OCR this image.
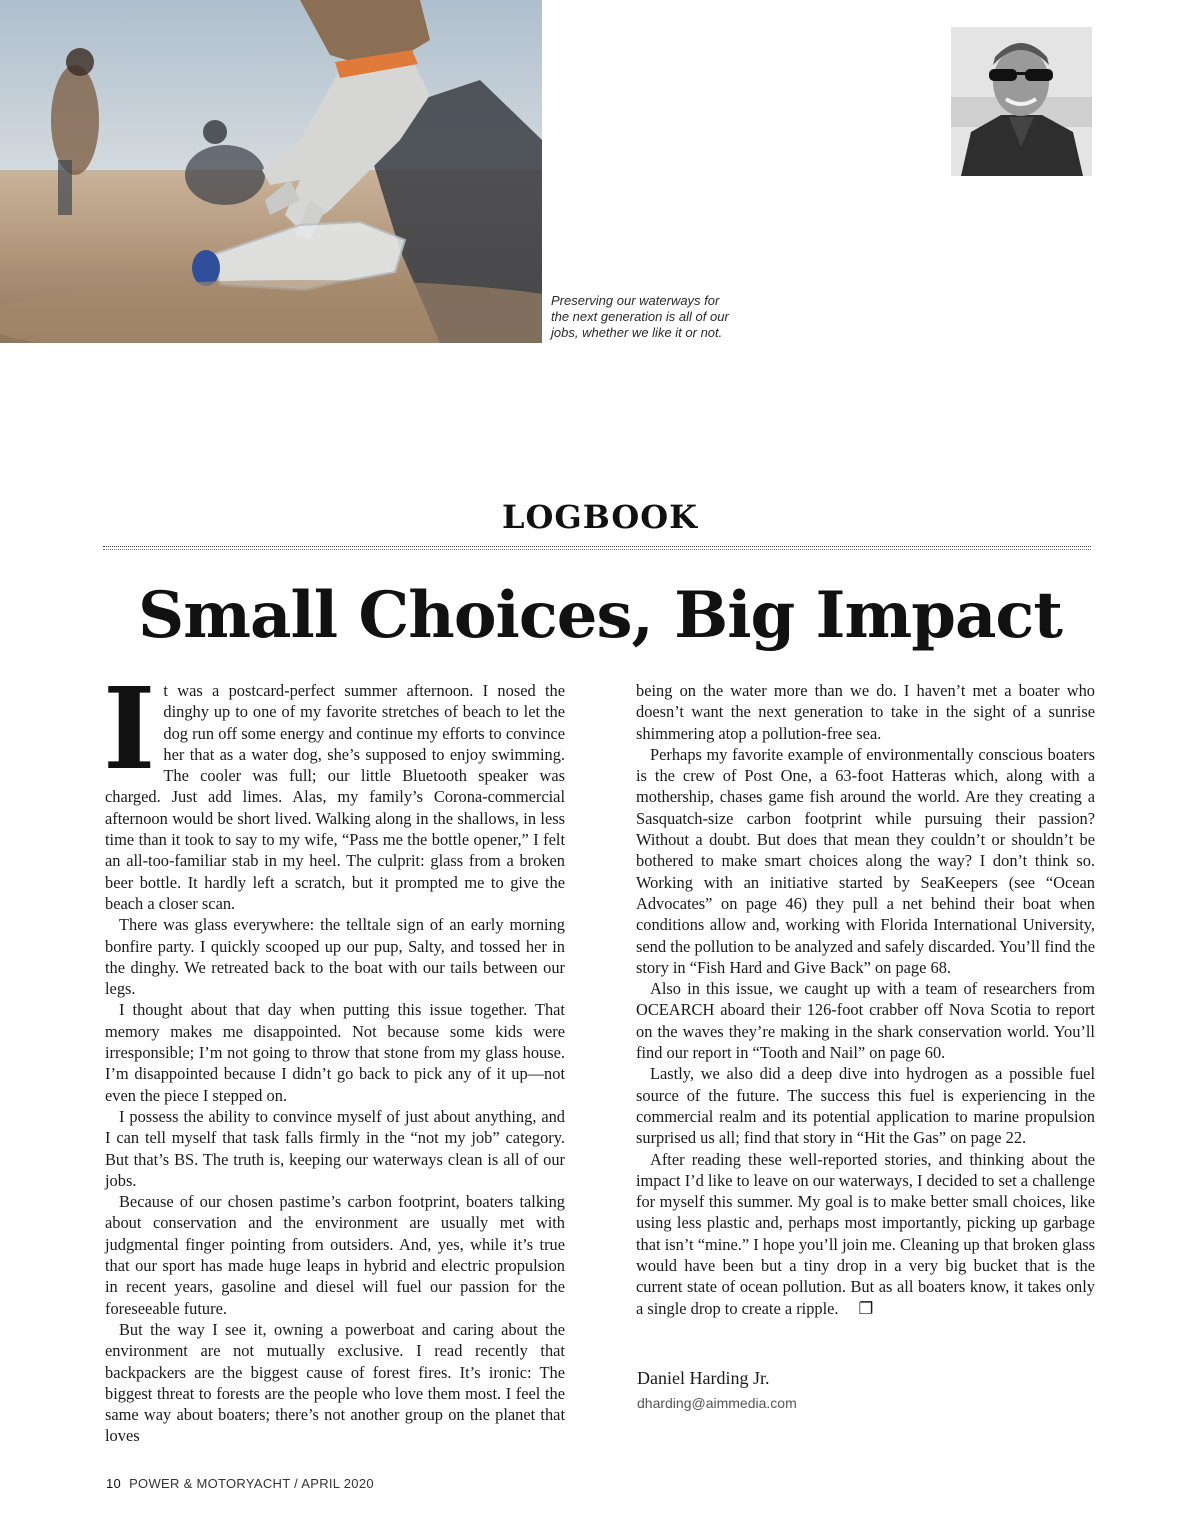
Preserving our waterways for
the next generation is all of our
jobs, whether we like it or not.
LOGBOOK
Small Choices, Big Impact

It was a postcard-perfect summer afternoon. I nosed the dinghy up to one of my favorite stretches of beach to let the dog run off some energy and continue my efforts to convince her that as a water dog, she’s supposed to enjoy swimming. The cooler was full; our little Bluetooth speaker was charged. Just add limes. Alas, my family’s Corona-commercial afternoon would be short lived. Walking along in the shallows, in less time than it took to say to my wife, “Pass me the bottle opener,” I felt an all-too-familiar stab in my heel. The culprit: glass from a broken beer bottle. It hardly left a scratch, but it prompted me to give the beach a closer scan.

There was glass everywhere: the telltale sign of an early morning bonfire party. I quickly scooped up our pup, Salty, and tossed her in the dinghy. We retreated back to the boat with our tails between our legs.

I thought about that day when putting this issue together. That memory makes me disappointed. Not because some kids were irresponsible; I’m not going to throw that stone from my glass house. I’m disappointed because I didn’t go back to pick any of it up—not even the piece I stepped on.

I possess the ability to convince myself of just about anything, and I can tell myself that task falls firmly in the “not my job” category. But that’s BS. The truth is, keeping our waterways clean is all of our jobs.

Because of our chosen pastime’s carbon footprint, boaters talking about conservation and the environment are usually met with judgmental finger pointing from outsiders. And, yes, while it’s true that our sport has made huge leaps in hybrid and electric propulsion in recent years, gasoline and diesel will fuel our passion for the foreseeable future.

But the way I see it, owning a powerboat and caring about the environment are not mutually exclusive. I read recently that backpackers are the biggest cause of forest fires. It’s ironic: The biggest threat to forests are the people who love them most. I feel the same way about boaters; there’s not another group on the planet that loves

being on the water more than we do. I haven’t met a boater who doesn’t want the next generation to take in the sight of a sunrise shimmering atop a pollution-free sea.

Perhaps my favorite example of environmentally conscious boaters is the crew of Post One, a 63-foot Hatteras which, along with a mothership, chases game fish around the world. Are they creating a Sasquatch-size carbon footprint while pursuing their passion? Without a doubt. But does that mean they couldn’t or shouldn’t be bothered to make smart choices along the way? I don’t think so. Working with an initiative started by SeaKeepers (see “Ocean Advocates” on page 46) they pull a net behind their boat when conditions allow and, working with Florida International University, send the pollution to be analyzed and safely discarded. You’ll find the story in “Fish Hard and Give Back” on page 68.

Also in this issue, we caught up with a team of researchers from OCEARCH aboard their 126-foot crabber off Nova Scotia to report on the waves they’re making in the shark conservation world. You’ll find our report in “Tooth and Nail” on page 60.

Lastly, we also did a deep dive into hydrogen as a possible fuel source of the future. The success this fuel is experiencing in the commercial realm and its potential application to marine propulsion surprised us all; find that story in “Hit the Gas” on page 22.

After reading these well-reported stories, and thinking about the impact I’d like to leave on our waterways, I decided to set a challenge for myself this summer. My goal is to make better small choices, like using less plastic and, perhaps most importantly, picking up garbage that isn’t “mine.” I hope you’ll join me. Cleaning up that broken glass would have been but a tiny drop in a very big bucket that is the current state of ocean pollution. But as all boaters know, it takes only a single drop to create a ripple. ❐

Daniel Harding Jr.
dharding@aimmedia.com
10 POWER & MOTORYACHT / APRIL 2020
